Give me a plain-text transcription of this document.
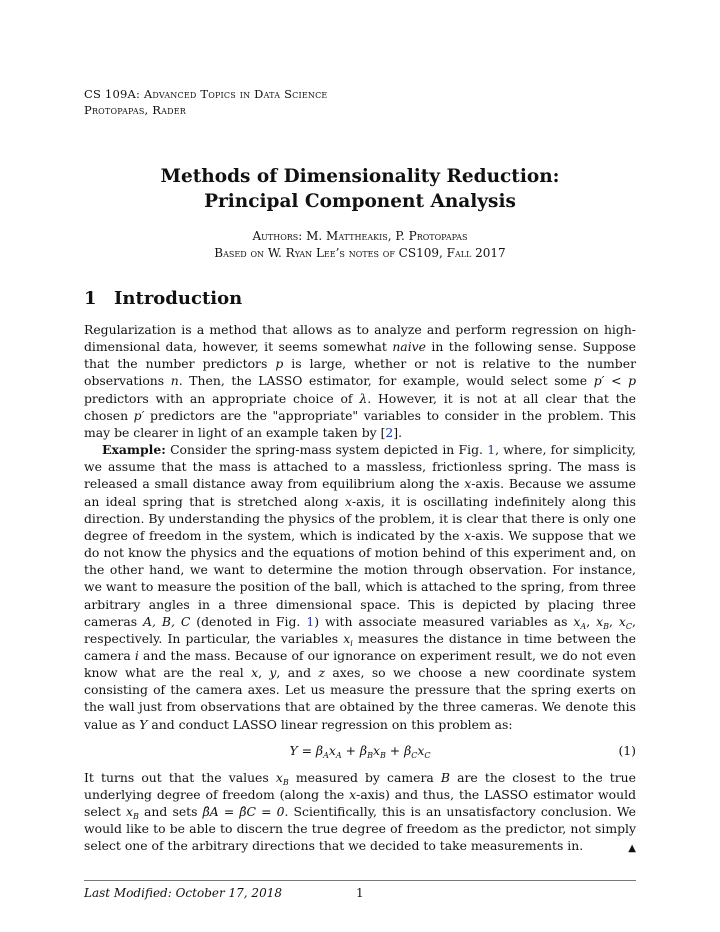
CS 109A: Advanced Topics in Data Science
Protopapas, Rader
Methods of Dimensionality Reduction:
Principal Component Analysis
Authors: M. Mattheakis, P. Protopapas
Based on W. Ryan Lee’s notes of CS109, Fall 2017
1 Introduction

Regularization is a method that allows as to analyze and perform regression on high-dimensional data, however, it seems somewhat naive in the following sense. Suppose that the number predictors p is large, whether or not is relative to the number observations n. Then, the LASSO estimator, for example, would select some p′ < p predictors with an appropriate choice of λ. However, it is not at all clear that the chosen p′ predictors are the "appropriate" variables to consider in the problem. This may be clearer in light of an example taken by [2].

Example: Consider the spring-mass system depicted in Fig. 1, where, for simplicity, we assume that the mass is attached to a massless, frictionless spring. The mass is released a small distance away from equilibrium along the x-axis. Because we assume an ideal spring that is stretched along x-axis, it is oscillating indefinitely along this direction. By understanding the physics of the problem, it is clear that there is only one degree of freedom in the system, which is indicated by the x-axis. We suppose that we do not know the physics and the equations of motion behind of this experiment and, on the other hand, we want to determine the motion through observation. For instance, we want to measure the position of the ball, which is attached to the spring, from three arbitrary angles in a three dimensional space. This is depicted by placing three cameras A, B, C (denoted in Fig. 1) with associate measured variables as $x_A$, $x_B$, $x_C$, respectively. In particular, the variables $x_i$ measures the distance in time between the camera i and the mass. Because of our ignorance on experiment result, we do not even know what are the real x, y, and z axes, so we choose a new coordinate system consisting of the camera axes. Let us measure the pressure that the spring exerts on the wall just from observations that are obtained by the three cameras. We denote this value as Y and conduct LASSO linear regression on this problem as:

$Y = \beta_Ax_A + \beta_Bx_B + \beta_Cx_C$	(1)

It turns out that the values $x_B$ measured by camera B are the closest to the true underlying degree of freedom (along the x-axis) and thus, the LASSO estimator would select $x_B$ and sets β̂A = β̂C = 0. Scientifically, this is an unsatisfactory conclusion. We would like to be able to discern the true degree of freedom as the predictor, not simply select one of the arbitrary directions that we decided to take measurements in.	▲

Last Modified: October 17, 2018	1
